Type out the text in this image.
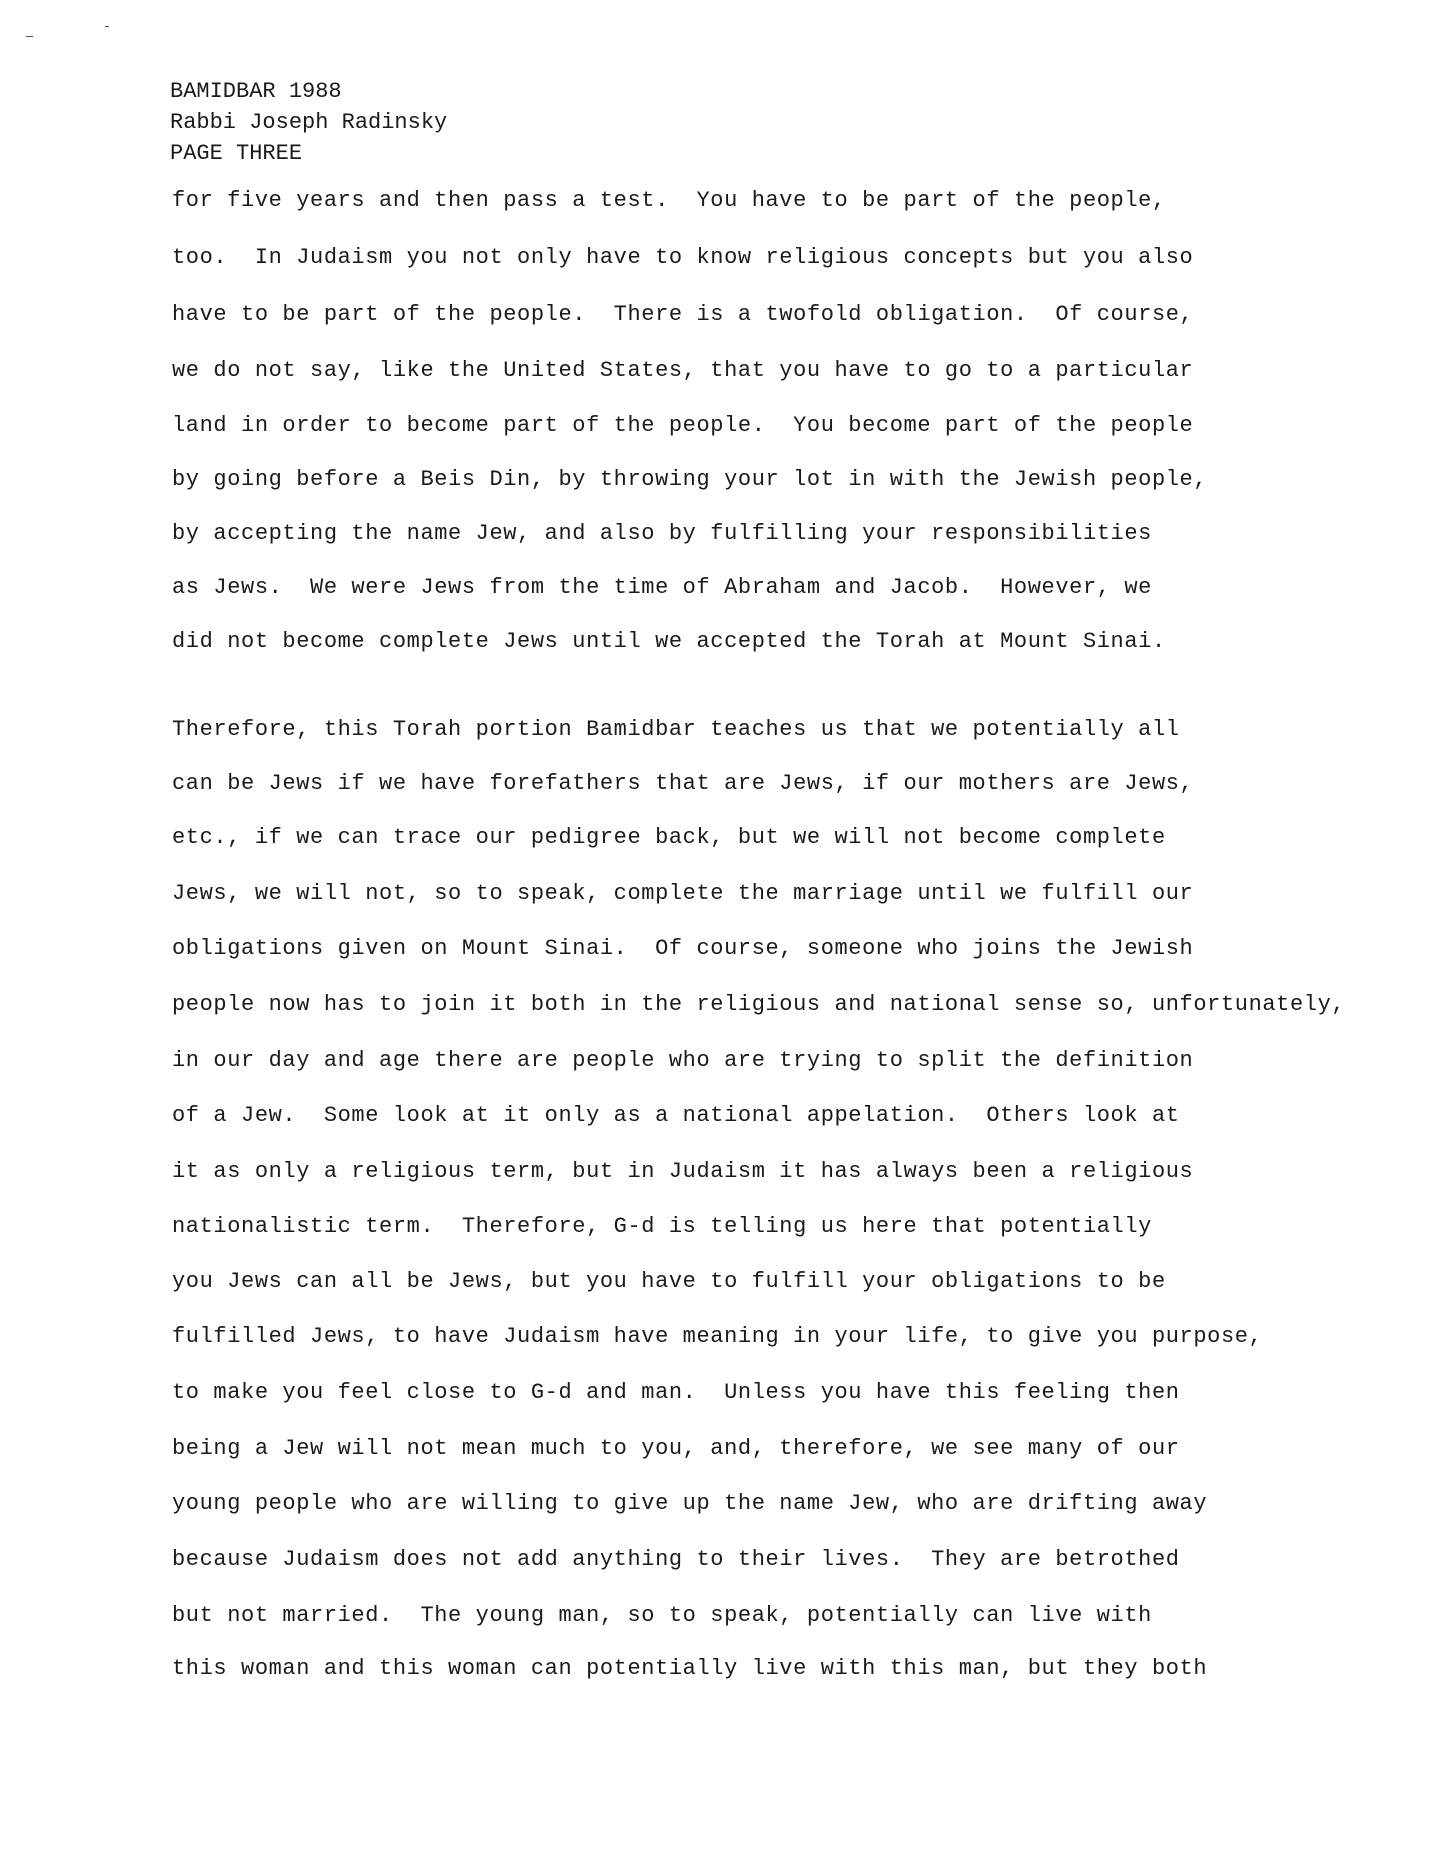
BAMIDBAR 1988
Rabbi Joseph Radinsky
PAGE THREE
for five years and then pass a test.  You have to be part of the people,
too.  In Judaism you not only have to know religious concepts but you also
have to be part of the people.  There is a twofold obligation.  Of course,
we do not say, like the United States, that you have to go to a particular
land in order to become part of the people.  You become part of the people
by going before a Beis Din, by throwing your lot in with the Jewish people,
by accepting the name Jew, and also by fulfilling your responsibilities
as Jews.  We were Jews from the time of Abraham and Jacob.  However, we
did not become complete Jews until we accepted the Torah at Mount Sinai.
Therefore, this Torah portion Bamidbar teaches us that we potentially all
can be Jews if we have forefathers that are Jews, if our mothers are Jews,
etc., if we can trace our pedigree back, but we will not become complete
Jews, we will not, so to speak, complete the marriage until we fulfill our
obligations given on Mount Sinai.  Of course, someone who joins the Jewish
people now has to join it both in the religious and national sense so, unfortunately,
in our day and age there are people who are trying to split the definition
of a Jew.  Some look at it only as a national appelation.  Others look at
it as only a religious term, but in Judaism it has always been a religious
nationalistic term.  Therefore, G-d is telling us here that potentially
you Jews can all be Jews, but you have to fulfill your obligations to be
fulfilled Jews, to have Judaism have meaning in your life, to give you purpose,
to make you feel close to G-d and man.  Unless you have this feeling then
being a Jew will not mean much to you, and, therefore, we see many of our
young people who are willing to give up the name Jew, who are drifting away
because Judaism does not add anything to their lives.  They are betrothed
but not married.  The young man, so to speak, potentially can live with
this woman and this woman can potentially live with this man, but they both
